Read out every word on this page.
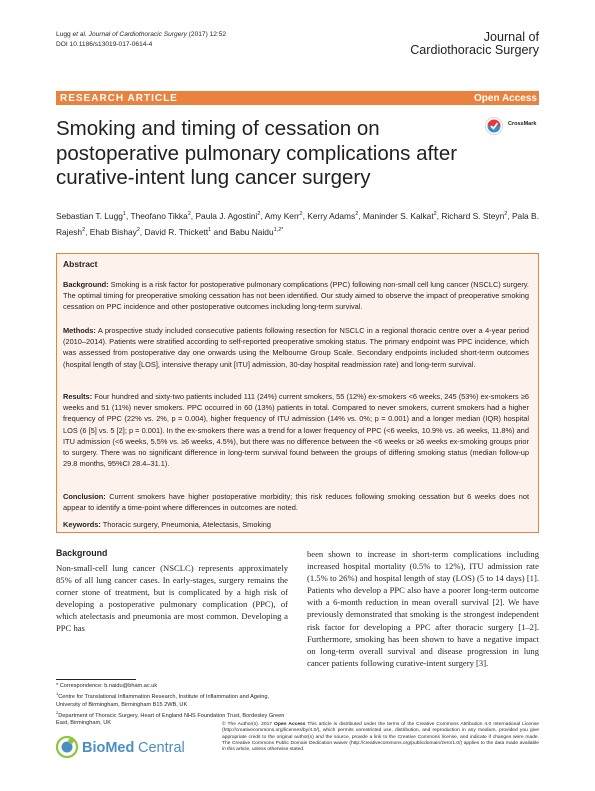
Lugg et al. Journal of Cardiothoracic Surgery (2017) 12:52
DOI 10.1186/s13019-017-0614-4
Journal of
Cardiothoracic Surgery
RESEARCH ARTICLE	Open Access
Smoking and timing of cessation on postoperative pulmonary complications after curative-intent lung cancer surgery
CrossMark
Sebastian T. Lugg$^1$, Theofano Tikka$^2$, Paula J. Agostini$^2$, Amy Kerr$^2$, Kerry Adams$^2$, Maninder S. Kalkat$^2$, Richard S. Steyn$^2$, Pala B. Rajesh$^2$, Ehab Bishay$^2$, David R. Thickett$^1$ and Babu Naidu$^{1,2*}$
Abstract
Background: Smoking is a risk factor for postoperative pulmonary complications (PPC) following non-small cell lung cancer (NSCLC) surgery. The optimal timing for preoperative smoking cessation has not been identified. Our study aimed to observe the impact of preoperative smoking cessation on PPC incidence and other postoperative outcomes including long-term survival.
Methods: A prospective study included consecutive patients following resection for NSCLC in a regional thoracic centre over a 4-year period (2010–2014). Patients were stratified according to self-reported preoperative smoking status. The primary endpoint was PPC incidence, which was assessed from postoperative day one onwards using the Melbourne Group Scale. Secondary endpoints included short-term outcomes (hospital length of stay [LOS], intensive therapy unit [ITU] admission, 30-day hospital readmission rate) and long-term survival.
Results: Four hundred and sixty-two patients included 111 (24%) current smokers, 55 (12%) ex-smokers <6 weeks, 245 (53%) ex-smokers ≥6 weeks and 51 (11%) never smokers. PPC occurred in 60 (13%) patients in total. Compared to never smokers, current smokers had a higher frequency of PPC (22% vs. 2%, p = 0.004), higher frequency of ITU admission (14% vs. 0%; p = 0.001) and a longer median (IQR) hospital LOS (6 [5] vs. 5 [2]; p = 0.001). In the ex-smokers there was a trend for a lower frequency of PPC (<6 weeks, 10.9% vs. ≥6 weeks, 11.8%) and ITU admission (<6 weeks, 5.5% vs. ≥6 weeks, 4.5%), but there was no difference between the <6 weeks or ≥6 weeks ex-smoking groups prior to surgery. There was no significant difference in long-term survival found between the groups of differing smoking status (median follow-up 29.8 months, 95%CI 28.4–31.1).
Conclusion: Current smokers have higher postoperative morbidity; this risk reduces following smoking cessation but 6 weeks does not appear to identify a time-point where differences in outcomes are noted.
Keywords: Thoracic surgery, Pneumonia, Atelectasis, Smoking
Background
Non-small-cell lung cancer (NSCLC) represents approximately 85% of all lung cancer cases. In early-stages, surgery remains the corner stone of treatment, but is complicated by a high risk of developing a postoperative pulmonary complication (PPC), of which atelectasis and pneumonia are most common. Developing a PPC has
been shown to increase in short-term complications including increased hospital mortality (0.5% to 12%), ITU admission rate (1.5% to 26%) and hospital length of stay (LOS) (5 to 14 days) [1]. Patients who develop a PPC also have a poorer long-term outcome with a 6-month reduction in mean overall survival [2]. We have previously demonstrated that smoking is the strongest independent risk factor for developing a PPC after thoracic surgery [1–2]. Furthermore, smoking has been shown to have a negative impact on long-term overall survival and disease progression in lung cancer patients following curative-intent surgery [3].
* Correspondence: b.naidu@bham.ac.uk
$^1$Centre for Translational Inflammation Research, Institute of Inflammation and Ageing, University of Birmingham, Birmingham B15 2WB, UK
$^2$Department of Thoracic Surgery, Heart of England NHS Foundation Trust, Bordesley Green East, Birmingham, UK
BioMed Central
© The Author(s). 2017 Open Access This article is distributed under the terms of the Creative Commons Attribution 4.0 International License (http://creativecommons.org/licenses/by/4.0/), which permits unrestricted use, distribution, and reproduction in any medium, provided you give appropriate credit to the original author(s) and the source, provide a link to the Creative Commons license, and indicate if changes were made. The Creative Commons Public Domain Dedication waiver (http://creativecommons.org/publicdomain/zero/1.0/) applies to the data made available in this article, unless otherwise stated.
